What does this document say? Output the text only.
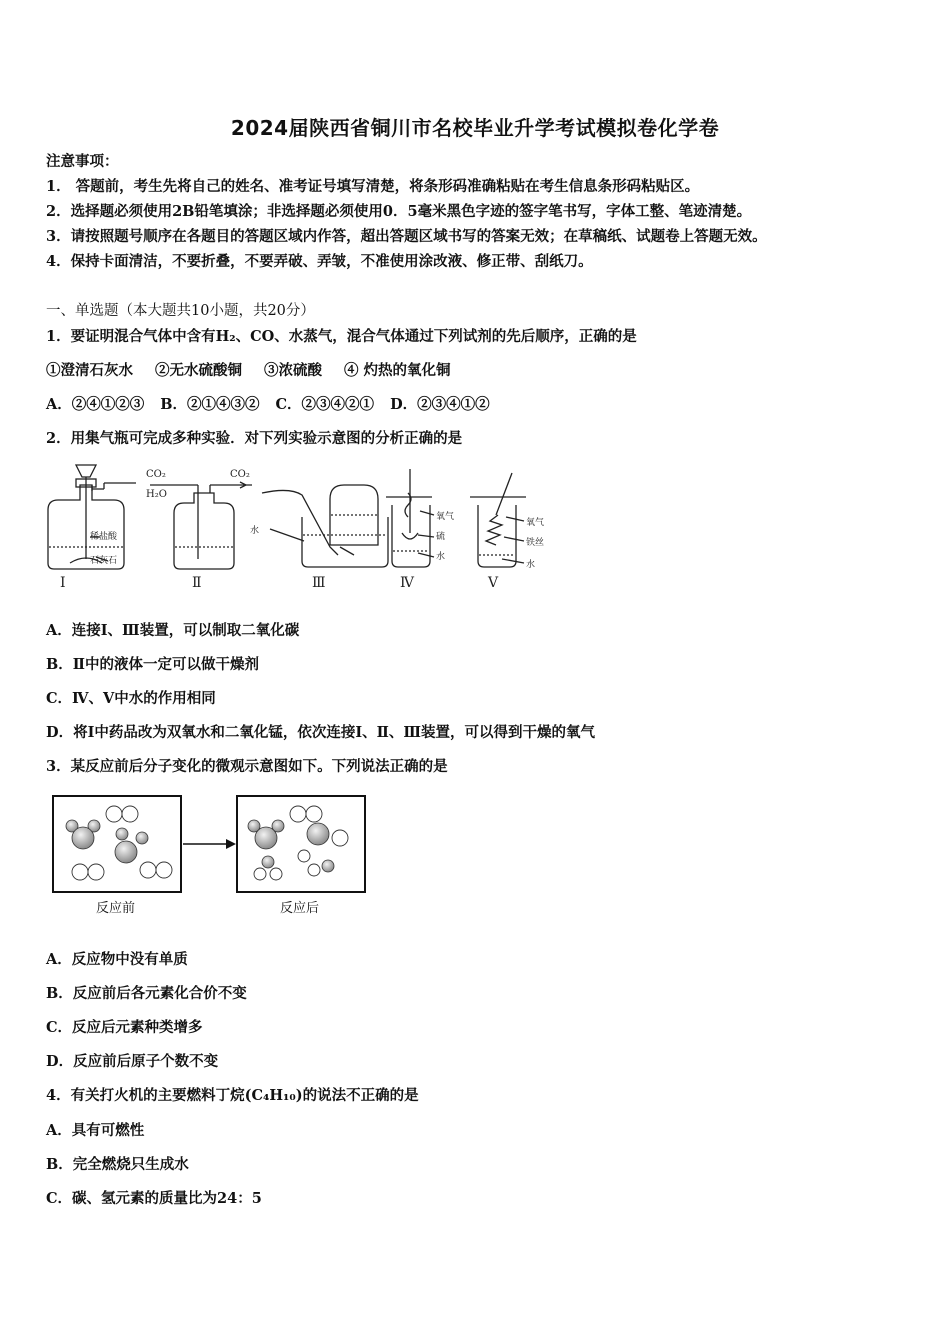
2024届陕西省铜川市名校毕业升学考试模拟卷化学卷
注意事项：
1． 答题前，考生先将自己的姓名、准考证号填写清楚，将条形码准确粘贴在考生信息条形码粘贴区。
2．选择题必须使用2B铅笔填涂；非选择题必须使用0．5毫米黑色字迹的签字笔书写，字体工整、笔迹清楚。
3．请按照题号顺序在各题目的答题区域内作答，超出答题区域书写的答案无效；在草稿纸、试题卷上答题无效。
4．保持卡面清洁，不要折叠，不要弄破、弄皱，不准使用涂改液、修正带、刮纸刀。
一、单选题（本大题共10小题，共20分）
1．要证明混合气体中含有H₂、CO、水蒸气，混合气体通过下列试剂的先后顺序，正确的是
①澄清石灰水 ②无水硫酸铜 ③浓硫酸 ④ 灼热的氧化铜
A．②④①②③ B．②①④③② C．②③④②① D．②③④①②
2．用集气瓶可完成多种实验．对下列实验示意图的分析正确的是
稀盐酸
石灰石
Ⅰ
CO₂
H₂O
CO₂
Ⅱ
水
Ⅲ
氧气
硫
水
Ⅳ
氧气
铁丝
水
Ⅴ
A．连接Ⅰ、Ⅲ装置，可以制取二氧化碳
B．Ⅱ中的液体一定可以做干燥剂
C．Ⅳ、Ⅴ中水的作用相同
D．将Ⅰ中药品改为双氧水和二氧化锰，依次连接Ⅰ、Ⅱ、Ⅲ装置，可以得到干燥的氧气
3．某反应前后分子变化的微观示意图如下。下列说法正确的是
反应前	反应后
A．反应物中没有单质
B．反应前后各元素化合价不变
C．反应后元素种类增多
D．反应前后原子个数不变
4．有关打火机的主要燃料丁烷(C₄H₁₀)的说法不正确的是
A．具有可燃性
B．完全燃烧只生成水
C．碳、氢元素的质量比为24：5
